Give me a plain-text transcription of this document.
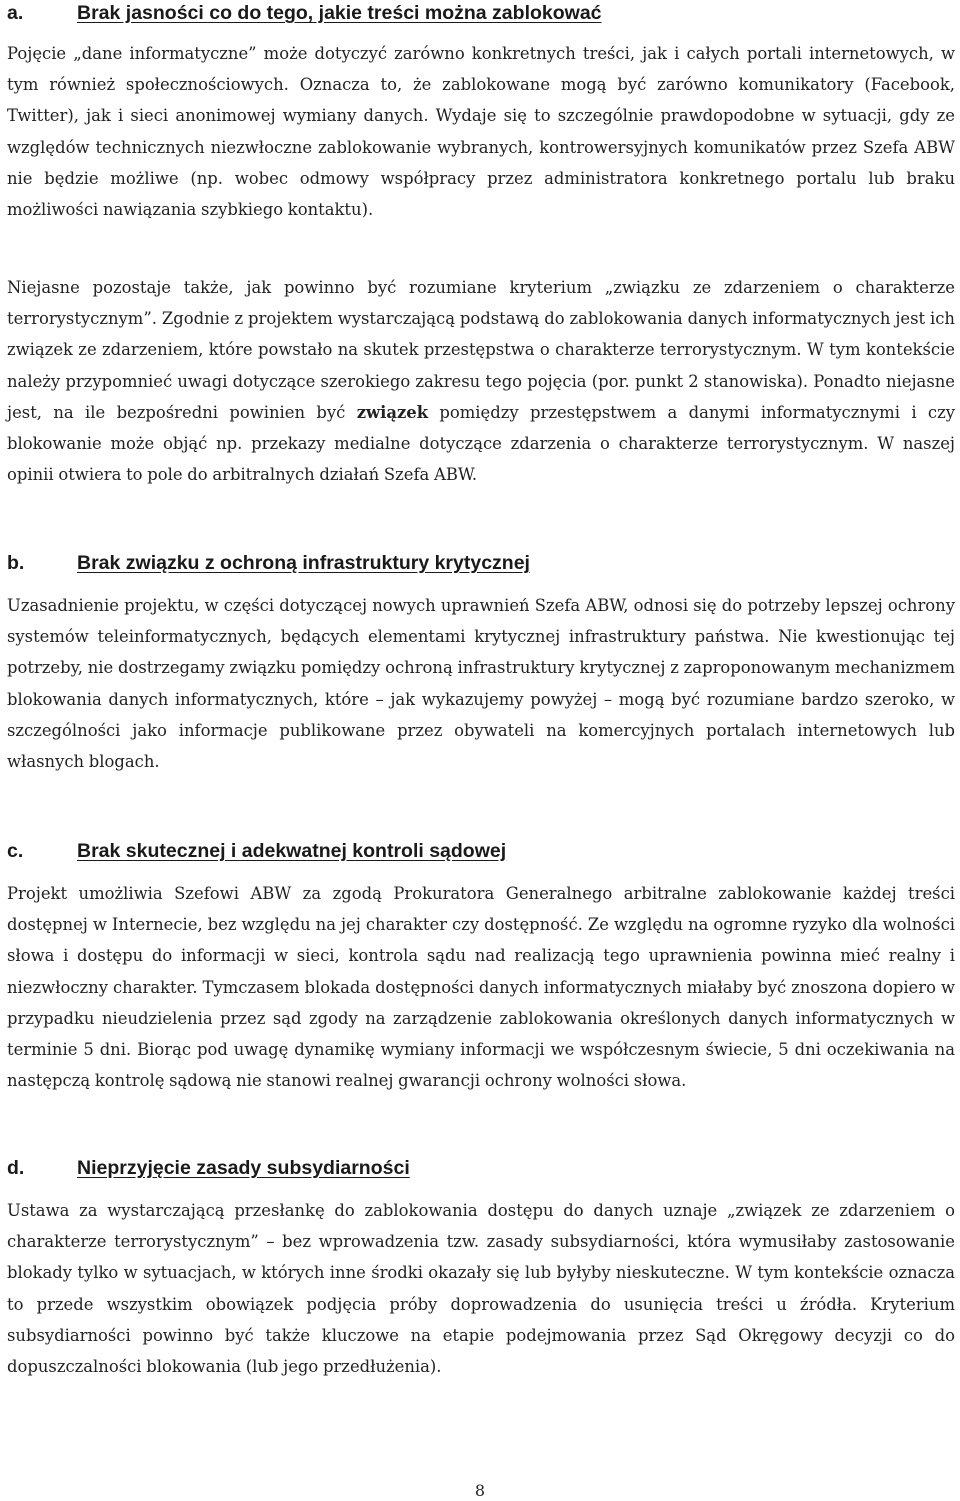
a.	Brak jasności co do tego, jakie treści można zablokować

Pojęcie „dane informatyczne” może dotyczyć zarówno konkretnych treści, jak i całych portali internetowych, w tym również społecznościowych. Oznacza to, że zablokowane mogą być zarówno komunikatory (Facebook, Twitter), jak i sieci anonimowej wymiany danych. Wydaje się to szczególnie prawdopodobne w sytuacji, gdy ze względów technicznych niezwłoczne zablokowanie wybranych, kontrowersyjnych komunikatów przez Szefa ABW nie będzie możliwe (np. wobec odmowy współpracy przez administratora konkretnego portalu lub braku możliwości nawiązania szybkiego kontaktu).

Niejasne pozostaje także, jak powinno być rozumiane kryterium „związku ze zdarzeniem o charakterze terrorystycznym”. Zgodnie z projektem wystarczającą podstawą do zablokowania danych informatycznych jest ich związek ze zdarzeniem, które powstało na skutek przestępstwa o charakterze terrorystycznym. W tym kontekście należy przypomnieć uwagi dotyczące szerokiego zakresu tego pojęcia (por. punkt 2 stanowiska). Ponadto niejasne jest, na ile bezpośredni powinien być związek pomiędzy przestępstwem a danymi informatycznymi i czy blokowanie może objąć np. przekazy medialne dotyczące zdarzenia o charakterze terrorystycznym. W naszej opinii otwiera to pole do arbitralnych działań Szefa ABW.

b.	Brak związku z ochroną infrastruktury krytycznej

Uzasadnienie projektu, w części dotyczącej nowych uprawnień Szefa ABW, odnosi się do potrzeby lepszej ochrony systemów teleinformatycznych, będących elementami krytycznej infrastruktury państwa. Nie kwestionując tej potrzeby, nie dostrzegamy związku pomiędzy ochroną infrastruktury krytycznej z zaproponowanym mechanizmem blokowania danych informatycznych, które – jak wykazujemy powyżej – mogą być rozumiane bardzo szeroko, w szczególności jako informacje publikowane przez obywateli na komercyjnych portalach internetowych lub własnych blogach.

c.	Brak skutecznej i adekwatnej kontroli sądowej

Projekt umożliwia Szefowi ABW za zgodą Prokuratora Generalnego arbitralne zablokowanie każdej treści dostępnej w Internecie, bez względu na jej charakter czy dostępność. Ze względu na ogromne ryzyko dla wolności słowa i dostępu do informacji w sieci, kontrola sądu nad realizacją tego uprawnienia powinna mieć realny i niezwłoczny charakter. Tymczasem blokada dostępności danych informatycznych miałaby być znoszona dopiero w przypadku nieudzielenia przez sąd zgody na zarządzenie zablokowania określonych danych informatycznych w terminie 5 dni. Biorąc pod uwagę dynamikę wymiany informacji we współczesnym świecie, 5 dni oczekiwania na następczą kontrolę sądową nie stanowi realnej gwarancji ochrony wolności słowa.

d.	Nieprzyjęcie zasady subsydiarności

Ustawa za wystarczającą przesłankę do zablokowania dostępu do danych uznaje „związek ze zdarzeniem o charakterze terrorystycznym” – bez wprowadzenia tzw. zasady subsydiarności, która wymusiłaby zastosowanie blokady tylko w sytuacjach, w których inne środki okazały się lub byłyby nieskuteczne. W tym kontekście oznacza to przede wszystkim obowiązek podjęcia próby doprowadzenia do usunięcia treści u źródła. Kryterium subsydiarności powinno być także kluczowe na etapie podejmowania przez Sąd Okręgowy decyzji co do dopuszczalności blokowania (lub jego przedłużenia).

8
